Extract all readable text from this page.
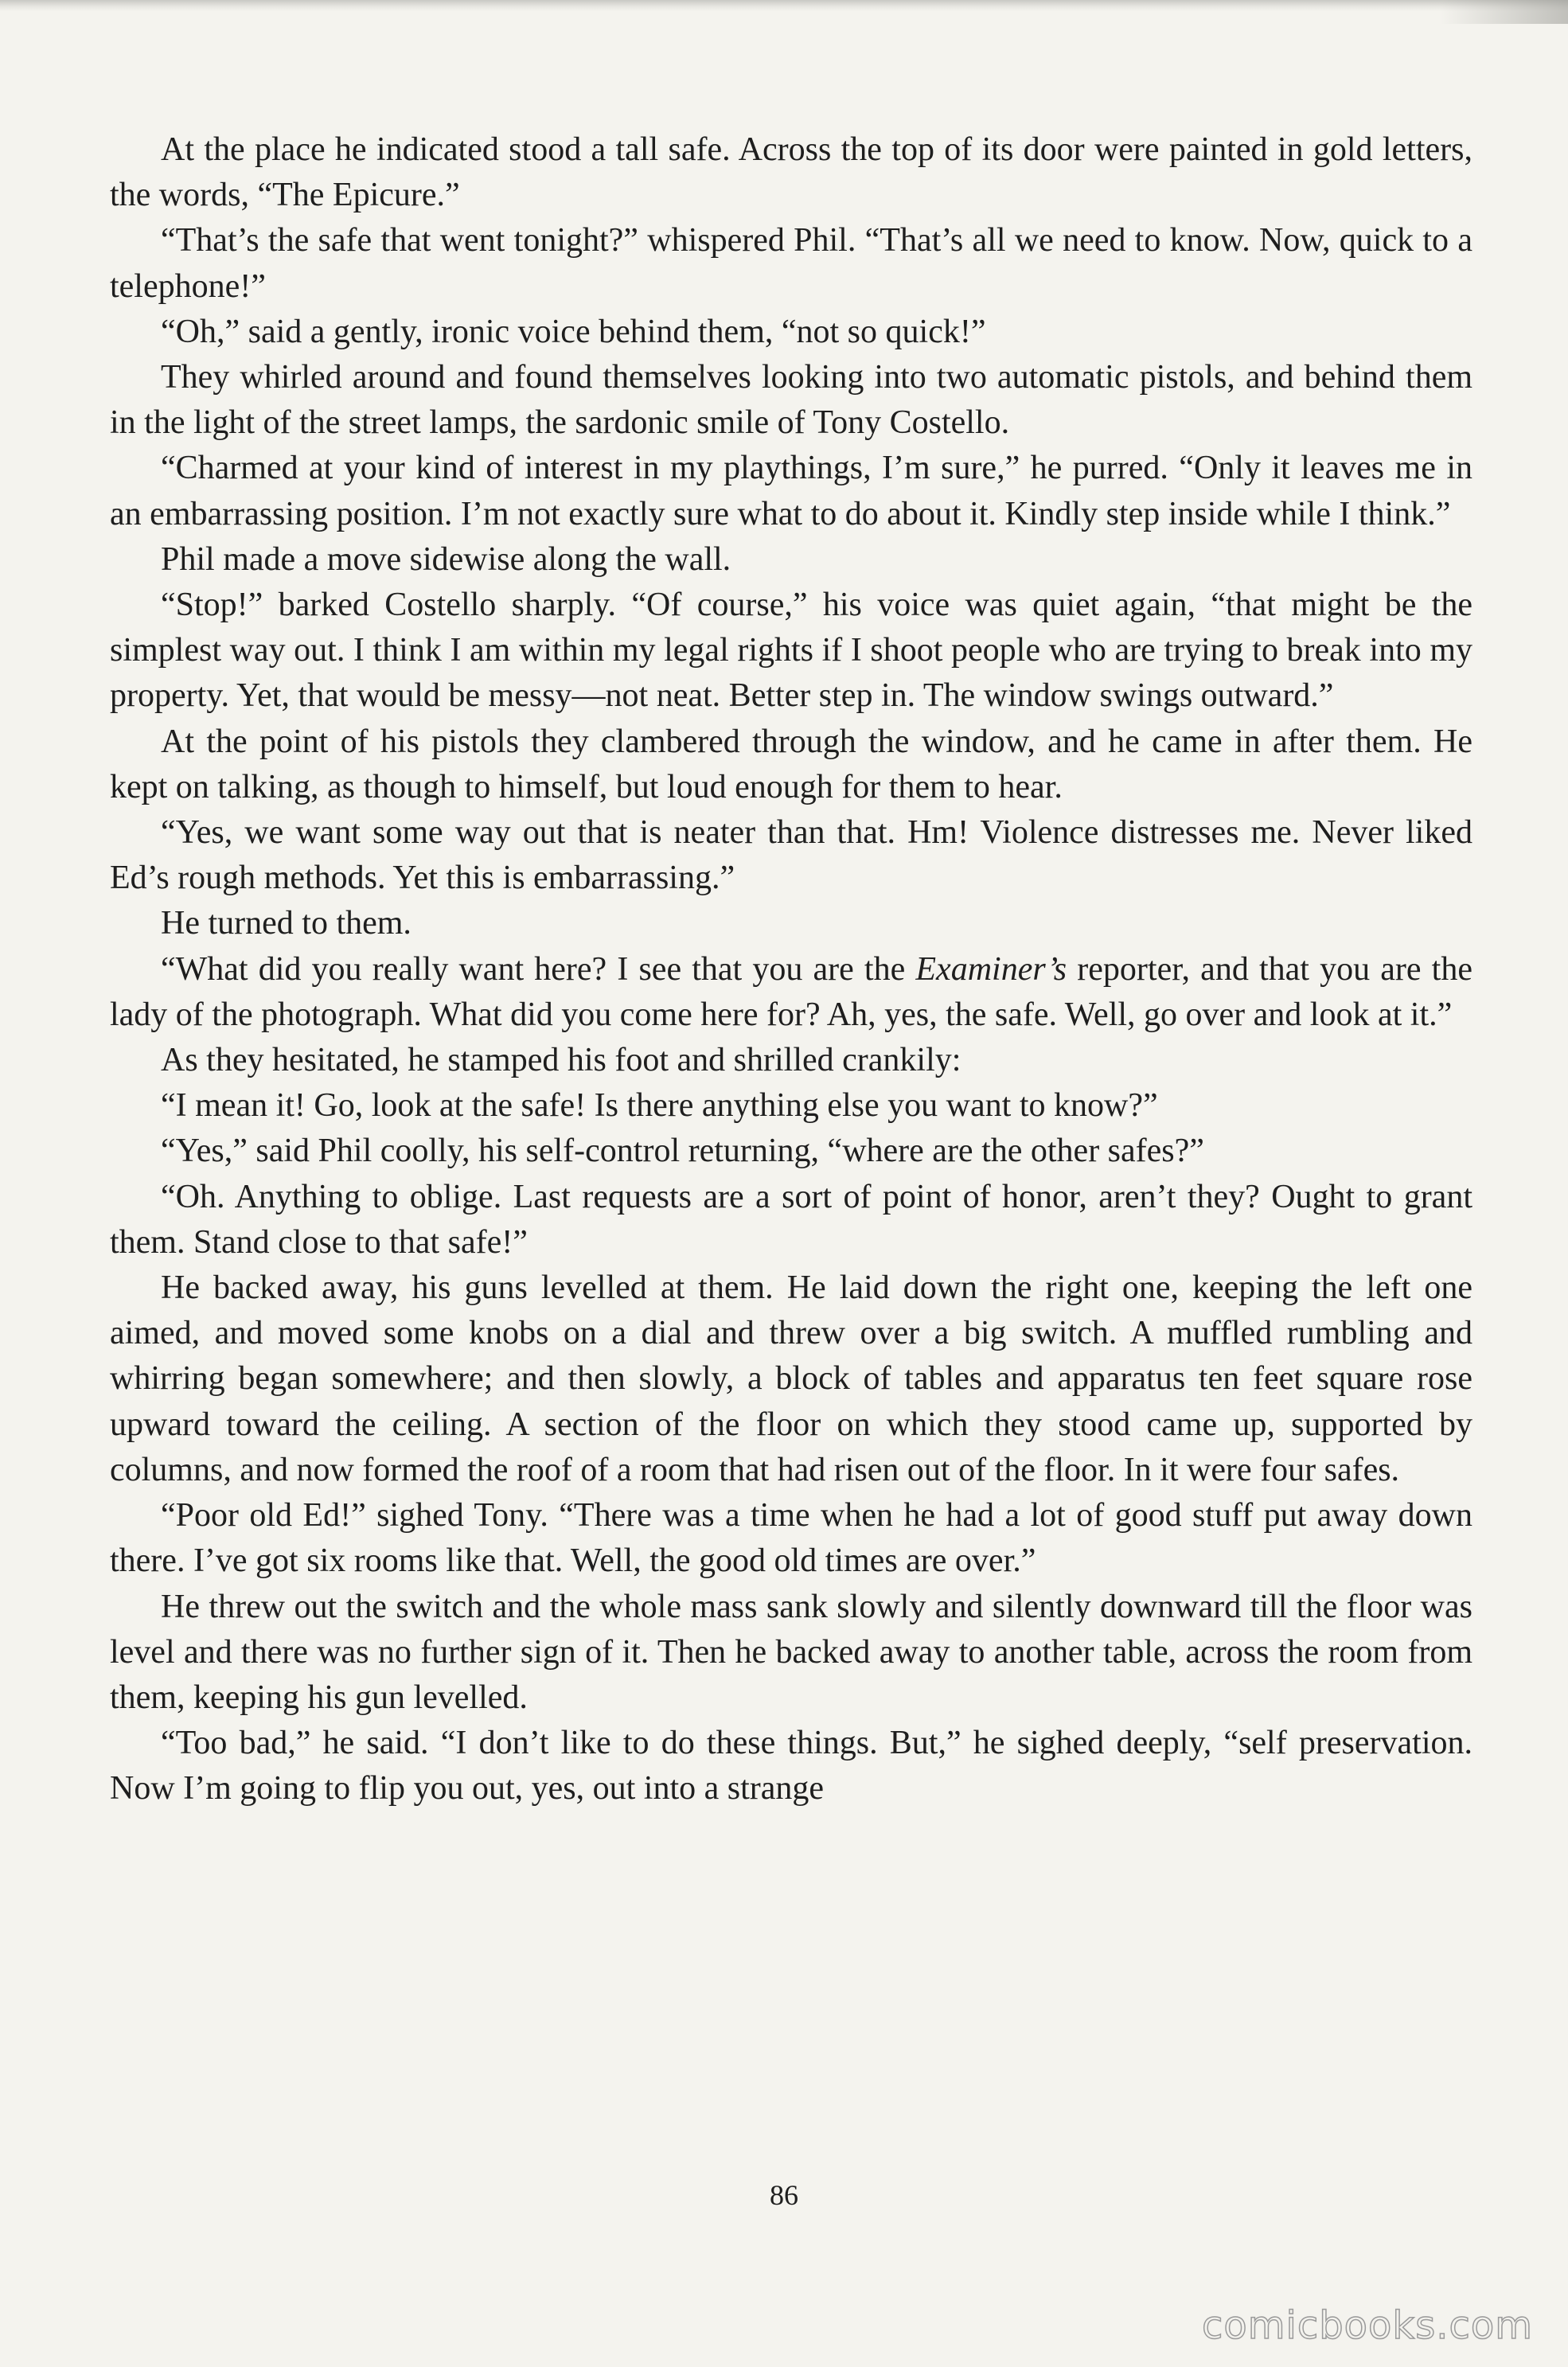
At the place he indicated stood a tall safe. Across the top of its door were painted in gold letters, the words, “The Epicure.”

“That’s the safe that went tonight?” whispered Phil. “That’s all we need to know. Now, quick to a telephone!”

“Oh,” said a gently, ironic voice behind them, “not so quick!”

They whirled around and found themselves looking into two automatic pistols, and behind them in the light of the street lamps, the sardonic smile of Tony Costello.

“Charmed at your kind of interest in my playthings, I’m sure,” he purred. “Only it leaves me in an embarrassing position. I’m not exactly sure what to do about it. Kindly step inside while I think.”

Phil made a move sidewise along the wall.

“Stop!” barked Costello sharply. “Of course,” his voice was quiet again, “that might be the simplest way out. I think I am within my legal rights if I shoot people who are trying to break into my property. Yet, that would be messy—not neat. Better step in. The window swings outward.”

At the point of his pistols they clambered through the window, and he came in after them. He kept on talking, as though to himself, but loud enough for them to hear.

“Yes, we want some way out that is neater than that. Hm! Violence distresses me. Never liked Ed’s rough methods. Yet this is embarrassing.”

He turned to them.

“What did you really want here? I see that you are the Examiner’s reporter, and that you are the lady of the photograph. What did you come here for? Ah, yes, the safe. Well, go over and look at it.”

As they hesitated, he stamped his foot and shrilled crankily:

“I mean it! Go, look at the safe! Is there anything else you want to know?”

“Yes,” said Phil coolly, his self-control returning, “where are the other safes?”

“Oh. Anything to oblige. Last requests are a sort of point of honor, aren’t they? Ought to grant them. Stand close to that safe!”

He backed away, his guns levelled at them. He laid down the right one, keeping the left one aimed, and moved some knobs on a dial and threw over a big switch. A muffled rumbling and whirring began somewhere; and then slowly, a block of tables and apparatus ten feet square rose upward toward the ceiling. A section of the floor on which they stood came up, supported by columns, and now formed the roof of a room that had risen out of the floor. In it were four safes.

“Poor old Ed!” sighed Tony. “There was a time when he had a lot of good stuff put away down there. I’ve got six rooms like that. Well, the good old times are over.”

He threw out the switch and the whole mass sank slowly and silently downward till the floor was level and there was no further sign of it. Then he backed away to another table, across the room from them, keeping his gun levelled.

“Too bad,” he said. “I don’t like to do these things. But,” he sighed deeply, “self preservation. Now I’m going to flip you out, yes, out into a strange

86
comicbooks.com
